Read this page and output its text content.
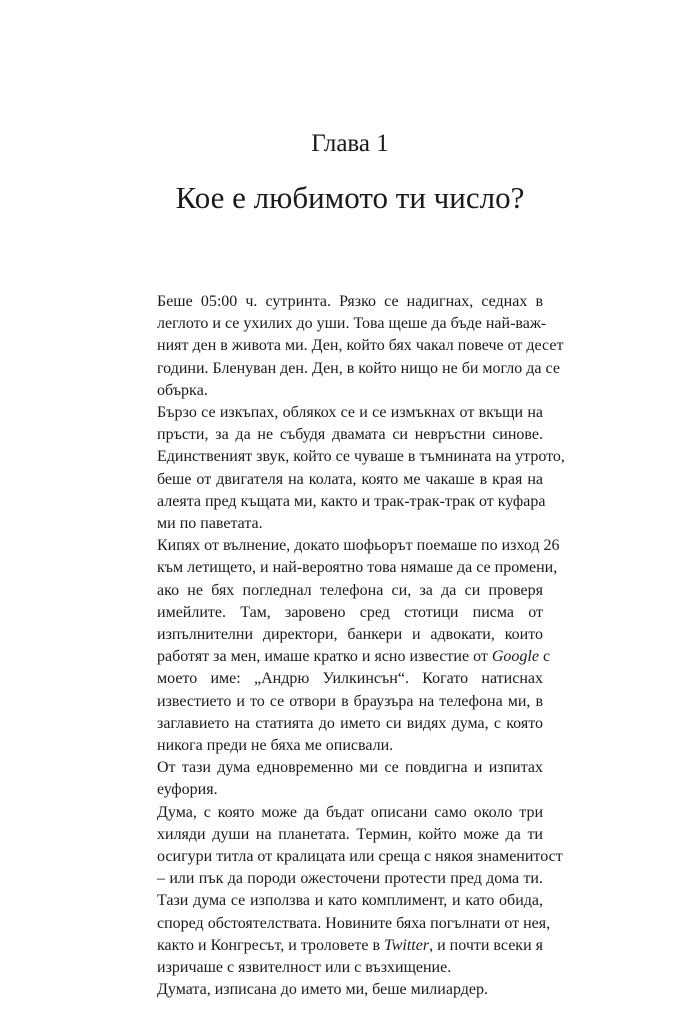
Глава 1
Кое е любимото ти число?

Беше 05:00 ч. сутринта. Рязко се надигнах, седнах в
леглото и се ухилих до уши. Това щеше да бъде най-важ-
ният ден в живота ми. Ден, който бях чакал повече от десет
години. Бленуван ден. Ден, в който нищо не би могло да се
объркa.

Бързо се изкъпах, облякох се и се измъкнах от вкъщи на
пръсти, за да не събудя двамата си невръстни синове.
Единственият звук, който се чуваше в тъмнината на утрото,
беше от двигателя на колата, която ме чакаше в края на
алеята пред къщата ми, както и трак-трак-трак от куфара
ми по паветата.

Кипях от вълнение, докато шофьорът поемаше по изход 26
към летището, и най-вероятно това нямаше да се промени,
ако не бях погледнал телефона си, за да си проверя
имейлите. Там, заровено сред стотици писма от
изпълнителни директори, банкери и адвокати, които
работят за мен, имаше кратко и ясно известие от Google с
моето име: „Андрю Уилкинсън“. Когато натиснах
известието и то се отвори в браузъра на телефона ми, в
заглавието на статията до името си видях дума, с която
никога преди не бяха ме описвали.

От тази дума едновременно ми се повдигна и изпитах
еуфория.

Дума, с която може да бъдат описани само около три
хиляди души на планетата. Термин, който може да ти
осигури титла от кралицата или среща с някоя знаменитост
– или пък да породи ожесточени протести пред дома ти.
Тази дума се използва и като комплимент, и като обида,
според обстоятелствата. Новините бяха погълнати от нея,
както и Конгресът, и троловете в Twitter, и почти всеки я
изричаше с язвителност или с възхищение.

Думата, изписана до името ми, беше милиардер.
